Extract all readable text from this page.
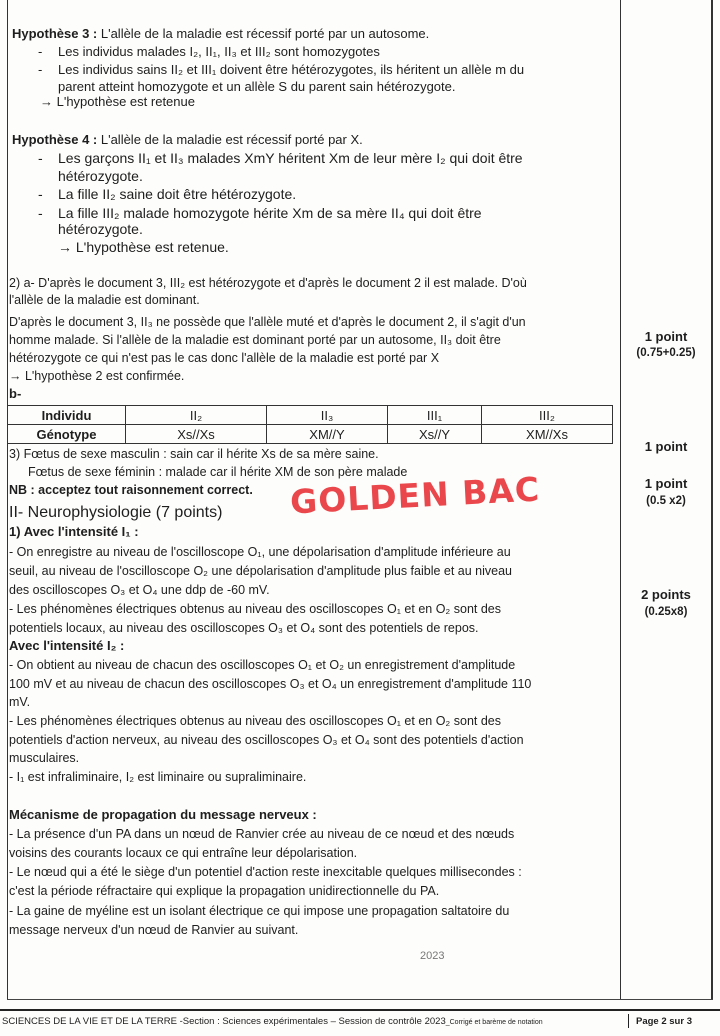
Hypothèse 3 : L'allèle de la maladie est récessif porté par un autosome.
- Les individus malades I₂, II₁, II₃ et III₂ sont homozygotes
- Les individus sains II₂ et III₁ doivent être hétérozygotes, ils héritent un allèle m du
parent atteint homozygote et un allèle S du parent sain hétérozygote.
→ L'hypothèse est retenue
Hypothèse 4 : L'allèle de la maladie est récessif porté par X.
- Les garçons II₁ et II₃ malades XmY héritent Xm de leur mère I₂ qui doit être
hétérozygote.
- La fille II₂ saine doit être hétérozygote.
- La fille III₂ malade homozygote hérite Xm de sa mère II₄ qui doit être
hétérozygote.
→ L'hypothèse est retenue.
2) a- D'après le document 3, III₂ est hétérozygote et d'après le document 2 il est malade. D'où
l'allèle de la maladie est dominant.
D'après le document 3, II₃ ne possède que l'allèle muté et d'après le document 2, il s'agit d'un
homme malade. Si l'allèle de la maladie est dominant porté par un autosome, II₃ doit être
hétérozygote ce qui n'est pas le cas donc l'allèle de la maladie est porté par X
→ L'hypothèse 2 est confirmée.
b-
Individu	II₂	II₃	III₁	III₂
Génotype	Xs//Xs	XM//Y	Xs//Y	XM//Xs
3) Fœtus de sexe masculin : sain car il hérite Xs de sa mère saine.
Fœtus de sexe féminin : malade car il hérite XM de son père malade
NB : acceptez tout raisonnement correct. GOLDEN BAC
II- Neurophysiologie (7 points)
1) Avec l'intensité I₁ :
- On enregistre au niveau de l'oscilloscope O₁, une dépolarisation d'amplitude inférieure au
seuil, au niveau de l'oscilloscope O₂ une dépolarisation d'amplitude plus faible et au niveau
des oscilloscopes O₃ et O₄ une ddp de -60 mV.
- Les phénomènes électriques obtenus au niveau des oscilloscopes O₁ et en O₂ sont des
potentiels locaux, au niveau des oscilloscopes O₃ et O₄ sont des potentiels de repos.
Avec l'intensité I₂ :
- On obtient au niveau de chacun des oscilloscopes O₁ et O₂ un enregistrement d'amplitude
100 mV et au niveau de chacun des oscilloscopes O₃ et O₄ un enregistrement d'amplitude 110
mV.
- Les phénomènes électriques obtenus au niveau des oscilloscopes O₁ et en O₂ sont des
potentiels d'action nerveux, au niveau des oscilloscopes O₃ et O₄ sont des potentiels d'action
musculaires.
- I₁ est infraliminaire, I₂ est liminaire ou supraliminaire.
Mécanisme de propagation du message nerveux :
- La présence d'un PA dans un nœud de Ranvier crée au niveau de ce nœud et des nœuds
voisins des courants locaux ce qui entraîne leur dépolarisation.
- Le nœud qui a été le siège d'un potentiel d'action reste inexcitable quelques millisecondes :
c'est la période réfractaire qui explique la propagation unidirectionnelle du PA.
- La gaine de myéline est un isolant électrique ce qui impose une propagation saltatoire du
message nerveux d'un nœud de Ranvier au suivant.
2023
1 point
(0.75+0.25)
1 point
1 point
(0.5 x2)
2 points
(0.25x8)
SCIENCES DE LA VIE ET DE LA TERRE -Section : Sciences expérimentales – Session de contrôle 2023_Corrigé et barème de notation	Page 2 sur 3
